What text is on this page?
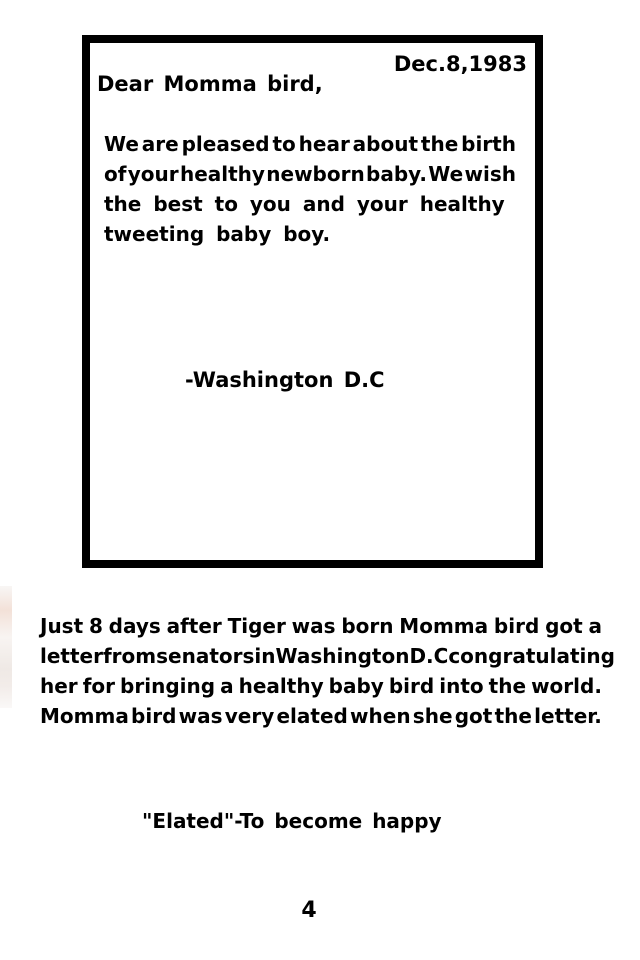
Dec.8,1983
Dear Momma bird,
We are pleased to hear about the birth
of your healthy newborn baby. We wish
the best to you and your healthy
tweeting baby boy.
-Washington D.C
Just 8 days after Tiger was born Momma bird got a
letter from senators in Washington D.C congratulating
her for bringing a healthy baby bird into the world.
Momma bird was very elated when she got the letter.
"Elated"-To become happy
4
